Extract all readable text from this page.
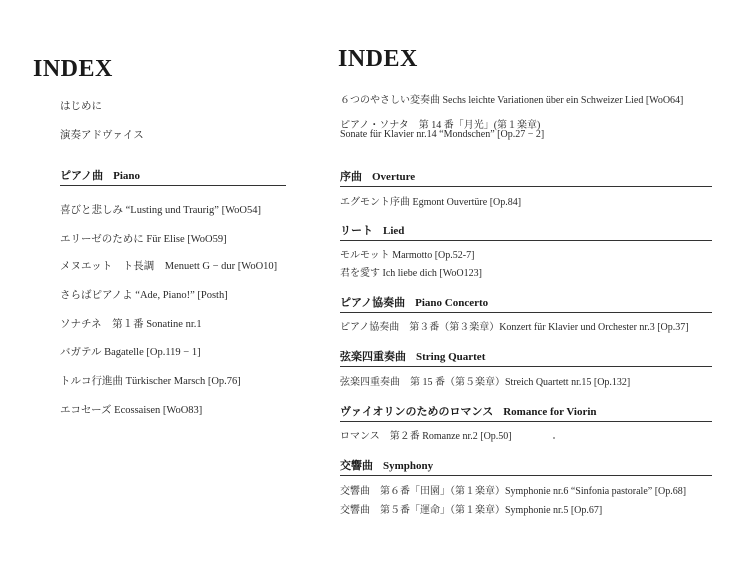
INDEX
はじめに
演奏アドヴァイス
ピアノ曲 Piano
喜びと悲しみ “Lusting und Traurig” [WoO54]
エリーゼのために Für Elise [WoO59]
メヌエット　ト長調　Menuett G − dur [WoO10]
さらばピアノよ “Ade, Piano!” [Posth]
ソナチネ　第１番 Sonatine nr.1
バガテル Bagatelle [Op.119 − 1]
トルコ行進曲 Türkischer Marsch [Op.76]
エコセーズ Ecossaisen [WoO83]
INDEX
６つのやさしい変奏曲 Sechs leichte Variationen über ein Schweizer Lied [WoO64]
ピアノ・ソナタ　第 14 番「月光」(第１楽章)
Sonate für Klavier nr.14 “Mondschen” [Op.27 − 2]
序曲 Overture
エグモント序曲 Egmont Ouvertüre [Op.84]
リート Lied
モルモット Marmotto [Op.52-7]
君を愛す Ich liebe dich [WoO123]
ピアノ協奏曲 Piano Concerto
ピアノ協奏曲　第３番（第３楽章）Konzert für Klavier und Orchester nr.3 [Op.37]
弦楽四重奏曲 String Quartet
弦楽四重奏曲　第 15 番（第５楽章）Streich Quartett nr.15 [Op.132]
ヴァイオリンのためのロマンス Romance for Viorin
ロマンス　第２番 Romanze nr.2 [Op.50]
交響曲 Symphony
交響曲　第６番「田園」（第１楽章）Symphonie nr.6 “Sinfonia pastorale” [Op.68]
交響曲　第５番「運命」（第１楽章）Symphonie nr.5 [Op.67]
